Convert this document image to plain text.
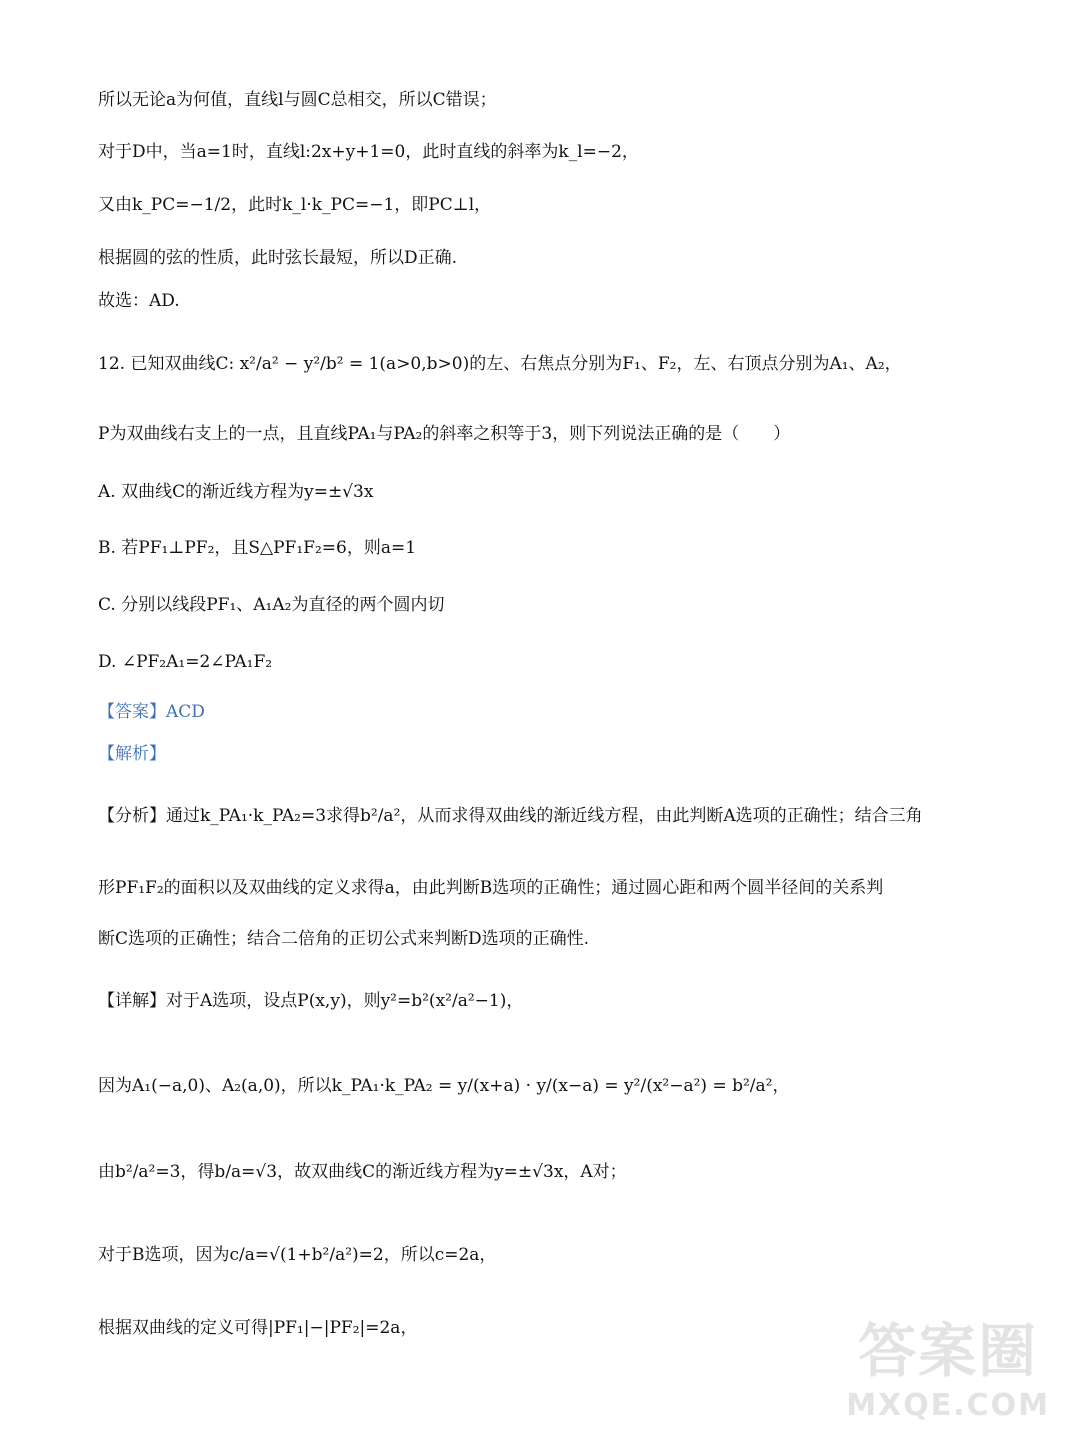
所以无论a为何值，直线l与圆C总相交，所以C错误；
对于D中，当a=1时，直线l:2x+y+1=0，此时直线的斜率为k_l=−2，
又由k_PC=−1/2，此时k_l·k_PC=−1，即PC⊥l，
根据圆的弦的性质，此时弦长最短，所以D正确.
故选：AD.
12. 已知双曲线C: x²/a² − y²/b² = 1(a>0,b>0)的左、右焦点分别为F₁、F₂，左、右顶点分别为A₁、A₂，
P为双曲线右支上的一点，且直线PA₁与PA₂的斜率之积等于3，则下列说法正确的是（　　）
A. 双曲线C的渐近线方程为y=±√3x
B. 若PF₁⊥PF₂，且S△PF₁F₂=6，则a=1
C. 分别以线段PF₁、A₁A₂为直径的两个圆内切
D. ∠PF₂A₁=2∠PA₁F₂
【答案】ACD
【解析】
【分析】通过k_PA₁·k_PA₂=3求得b²/a²，从而求得双曲线的渐近线方程，由此判断A选项的正确性；结合三角
形PF₁F₂的面积以及双曲线的定义求得a，由此判断B选项的正确性；通过圆心距和两个圆半径间的关系判
断C选项的正确性；结合二倍角的正切公式来判断D选项的正确性.
【详解】对于A选项，设点P(x,y)，则y²=b²(x²/a²−1)，
因为A₁(−a,0)、A₂(a,0)，所以k_PA₁·k_PA₂ = y/(x+a) · y/(x−a) = y²/(x²−a²) = b²/a²，
由b²/a²=3，得b/a=√3，故双曲线C的渐近线方程为y=±√3x，A对；
对于B选项，因为c/a=√(1+b²/a²)=2，所以c=2a，
根据双曲线的定义可得|PF₁|−|PF₂|=2a，	答案圈
MXQE.COM
